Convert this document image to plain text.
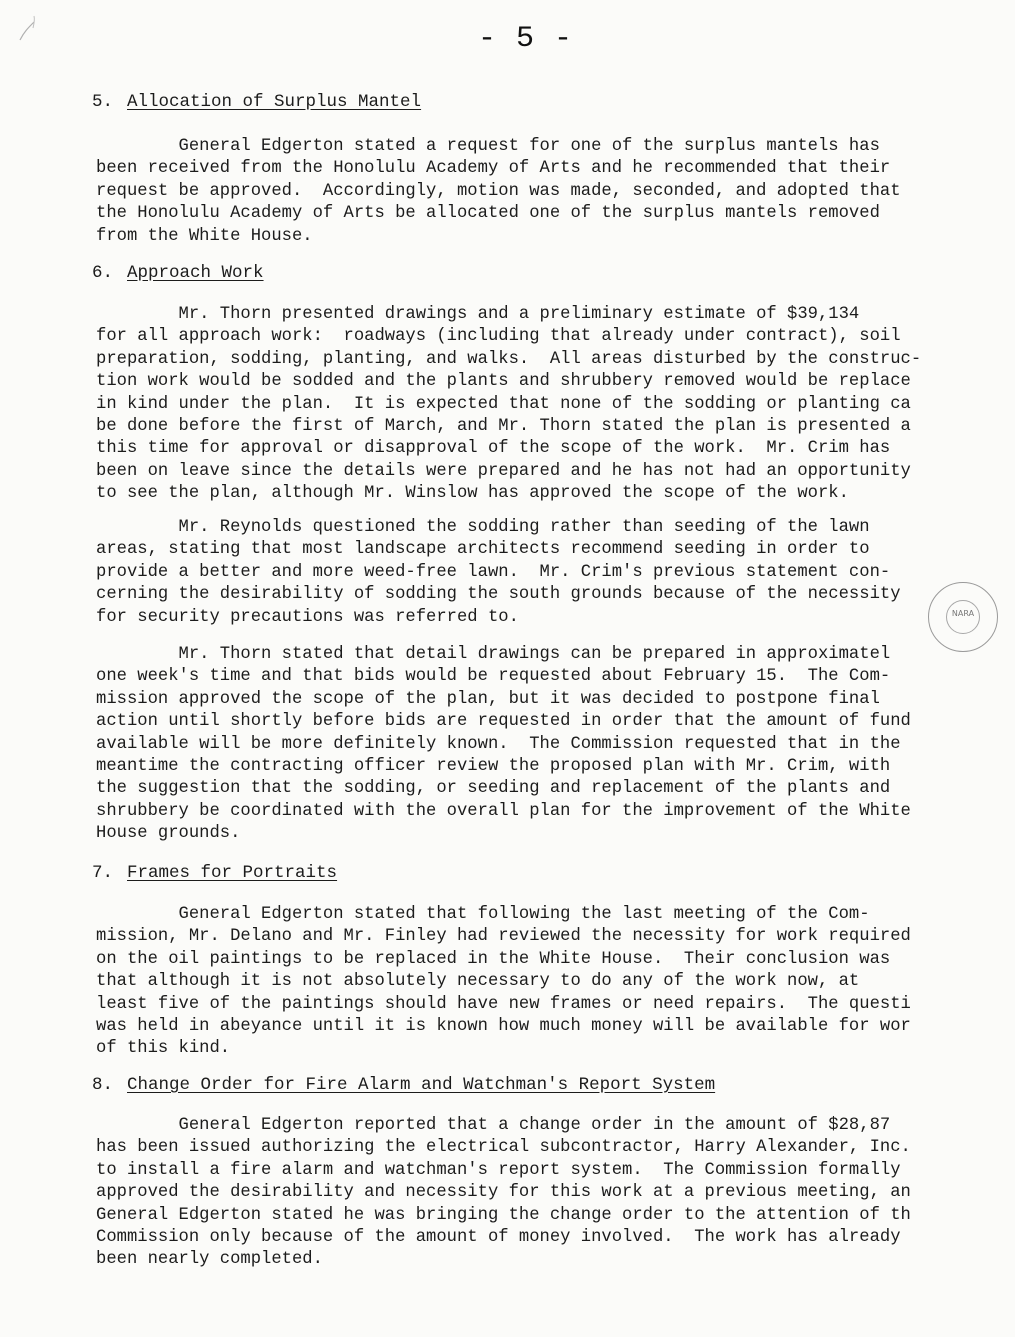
- 5 -
5. Allocation of Surplus Mantel
General Edgerton stated a request for one of the surplus mantels has
been received from the Honolulu Academy of Arts and he recommended that their
request be approved.  Accordingly, motion was made, seconded, and adopted that
the Honolulu Academy of Arts be allocated one of the surplus mantels removed
from the White House.
6. Approach Work
Mr. Thorn presented drawings and a preliminary estimate of $39,134
for all approach work:  roadways (including that already under contract), soil
preparation, sodding, planting, and walks.  All areas disturbed by the construc-
tion work would be sodded and the plants and shrubbery removed would be replace
in kind under the plan.  It is expected that none of the sodding or planting ca
be done before the first of March, and Mr. Thorn stated the plan is presented a
this time for approval or disapproval of the scope of the work.  Mr. Crim has
been on leave since the details were prepared and he has not had an opportunity
to see the plan, although Mr. Winslow has approved the scope of the work.
Mr. Reynolds questioned the sodding rather than seeding of the lawn
areas, stating that most landscape architects recommend seeding in order to
provide a better and more weed-free lawn.  Mr. Crim's previous statement con-
cerning the desirability of sodding the south grounds because of the necessity
for security precautions was referred to.
Mr. Thorn stated that detail drawings can be prepared in approximatel
one week's time and that bids would be requested about February 15.  The Com-
mission approved the scope of the plan, but it was decided to postpone final
action until shortly before bids are requested in order that the amount of fund
available will be more definitely known.  The Commission requested that in the
meantime the contracting officer review the proposed plan with Mr. Crim, with
the suggestion that the sodding, or seeding and replacement of the plants and
shrubbery be coordinated with the overall plan for the improvement of the White
House grounds.
7. Frames for Portraits
General Edgerton stated that following the last meeting of the Com-
mission, Mr. Delano and Mr. Finley had reviewed the necessity for work required
on the oil paintings to be replaced in the White House.  Their conclusion was
that although it is not absolutely necessary to do any of the work now, at
least five of the paintings should have new frames or need repairs.  The questi
was held in abeyance until it is known how much money will be available for wor
of this kind.
8. Change Order for Fire Alarm and Watchman's Report System
General Edgerton reported that a change order in the amount of $28,87
has been issued authorizing the electrical subcontractor, Harry Alexander, Inc.
to install a fire alarm and watchman's report system.  The Commission formally
approved the desirability and necessity for this work at a previous meeting, an
General Edgerton stated he was bringing the change order to the attention of th
Commission only because of the amount of money involved.  The work has already
been nearly completed.
NARA
